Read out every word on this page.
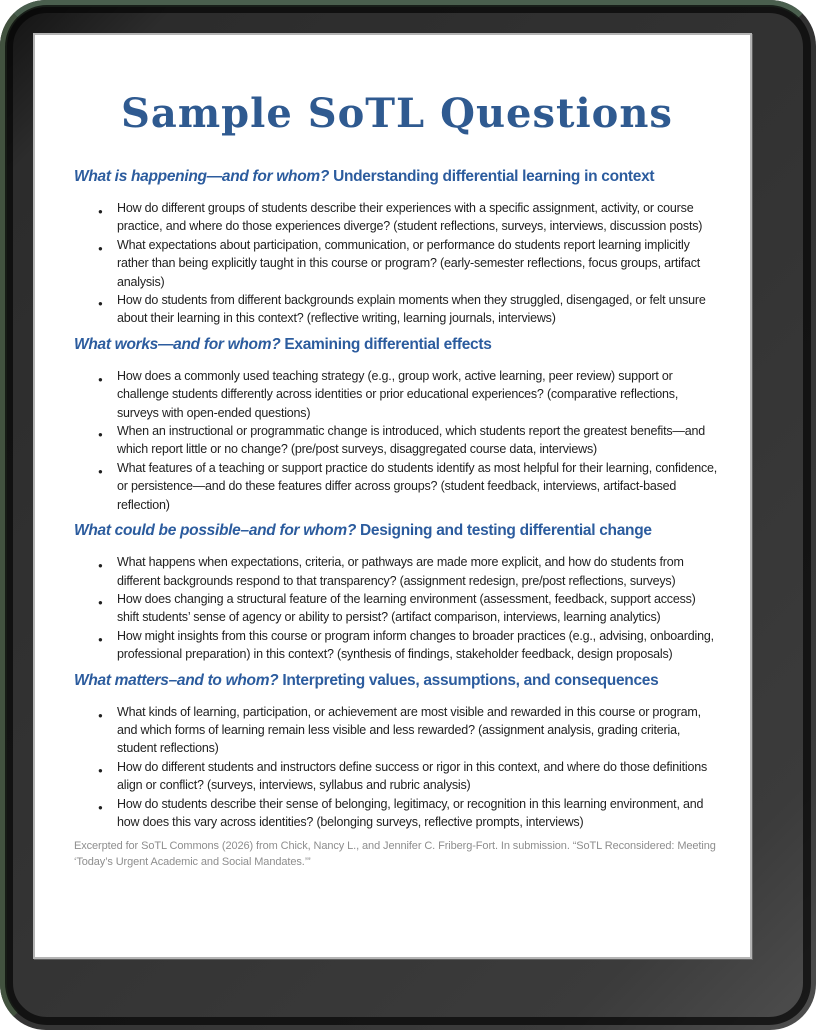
Sample SoTL Questions
What is happening—and for whom? Understanding differential learning in context
● How do different groups of students describe their experiences with a specific assignment, activity, or course practice, and where do those experiences diverge? (student reflections, surveys, interviews, discussion posts)
● What expectations about participation, communication, or performance do students report learning implicitly rather than being explicitly taught in this course or program? (early-semester reflections, focus groups, artifact analysis)
● How do students from different backgrounds explain moments when they struggled, disengaged, or felt unsure about their learning in this context? (reflective writing, learning journals, interviews)
What works—and for whom? Examining differential effects
● How does a commonly used teaching strategy (e.g., group work, active learning, peer review) support or challenge students differently across identities or prior educational experiences? (comparative reflections, surveys with open-ended questions)
● When an instructional or programmatic change is introduced, which students report the greatest benefits—and which report little or no change? (pre/post surveys, disaggregated course data, interviews)
● What features of a teaching or support practice do students identify as most helpful for their learning, confidence, or persistence—and do these features differ across groups? (student feedback, interviews, artifact-based reflection)
What could be possible–and for whom? Designing and testing differential change
● What happens when expectations, criteria, or pathways are made more explicit, and how do students from different backgrounds respond to that transparency? (assignment redesign, pre/post reflections, surveys)
● How does changing a structural feature of the learning environment (assessment, feedback, support access) shift students’ sense of agency or ability to persist? (artifact comparison, interviews, learning analytics)
● How might insights from this course or program inform changes to broader practices (e.g., advising, onboarding, professional preparation) in this context? (synthesis of findings, stakeholder feedback, design proposals)
What matters–and to whom? Interpreting values, assumptions, and consequences
● What kinds of learning, participation, or achievement are most visible and rewarded in this course or program, and which forms of learning remain less visible and less rewarded? (assignment analysis, grading criteria, student reflections)
● How do different students and instructors define success or rigor in this context, and where do those definitions align or conflict? (surveys, interviews, syllabus and rubric analysis)
● How do students describe their sense of belonging, legitimacy, or recognition in this learning environment, and how does this vary across identities? (belonging surveys, reflective prompts, interviews)

Excerpted for SoTL Commons (2026) from Chick, Nancy L., and Jennifer C. Friberg-Fort. In submission. “SoTL Reconsidered: Meeting ‘Today’s Urgent Academic and Social Mandates.’”
